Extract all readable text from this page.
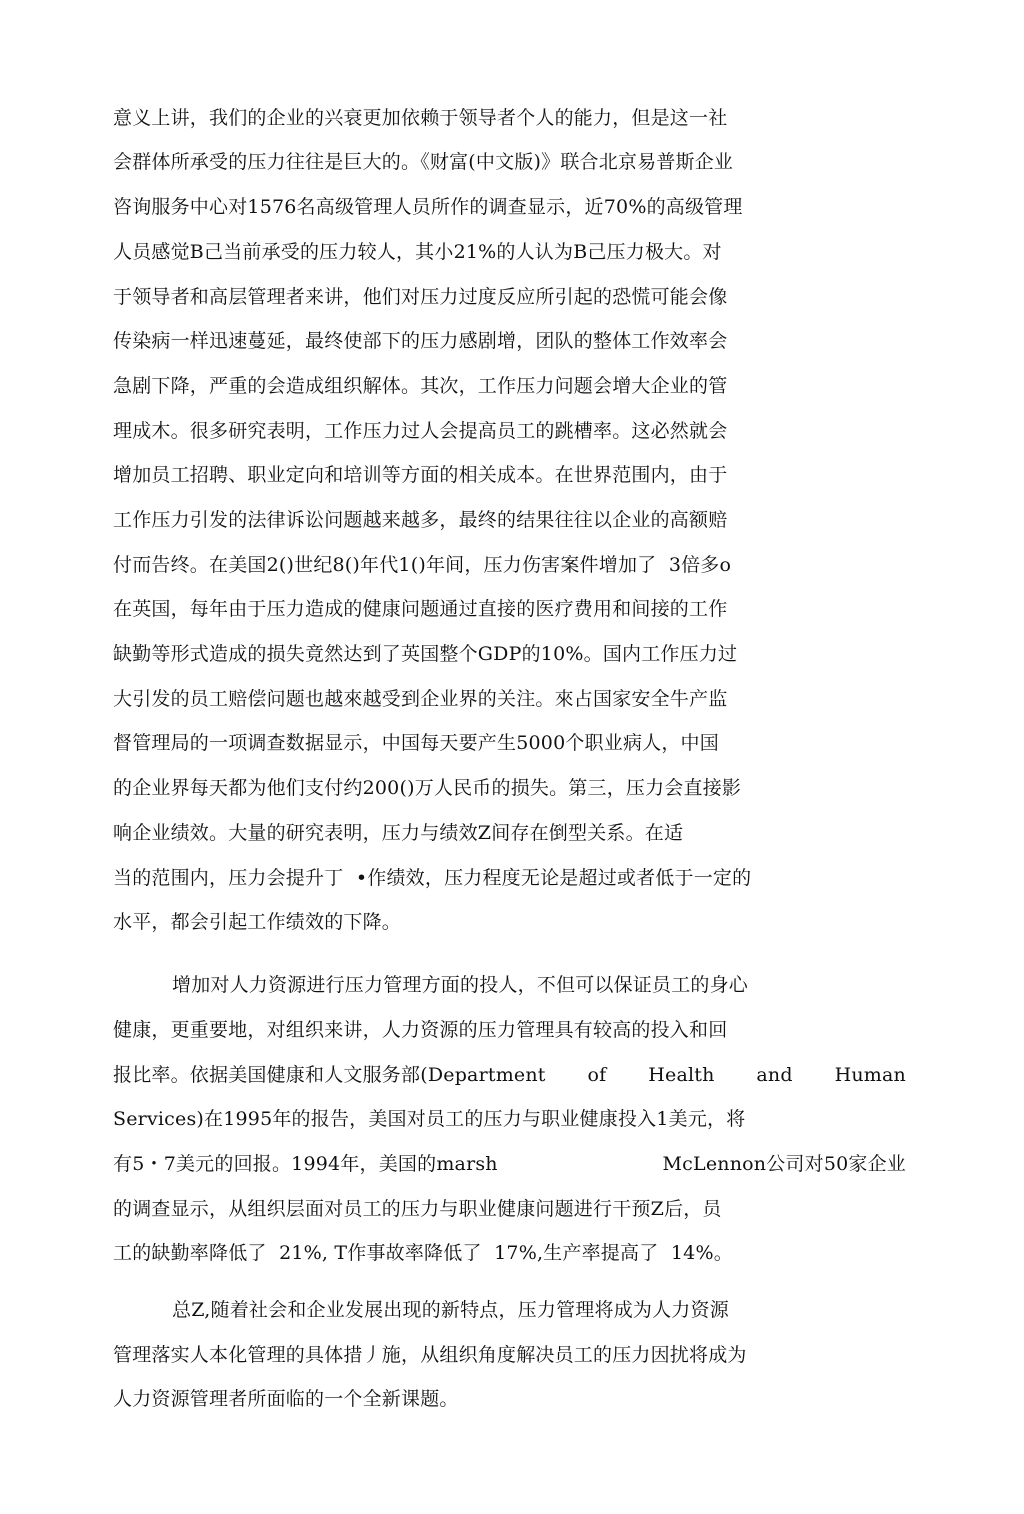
意义上讲，我们的企业的兴衰更加依赖于领导者个人的能力，但是这一社
会群体所承受的压力往往是巨大的。《财富(中文版)》联合北京易普斯企业
咨询服务中心对1576名高级管理人员所作的调查显示，近70%的高级管理
人员感觉B己当前承受的压力较人，其小21%的人认为B己压力极大。对
于领导者和高层管理者来讲，他们对压力过度反应所引起的恐慌可能会像
传染病一样迅速蔓延，最终使部下的压力感剧增，团队的整体工作效率会
急剧下降，严重的会造成组织解体。其次，工作压力问题会增大企业的管
理成木。很多研究表明，工作压力过人会提高员工的跳槽率。这必然就会
增加员工招聘、职业定向和培训等方面的相关成本。在世界范围内，由于
工作压力引发的法律诉讼问题越来越多，最终的结果往往以企业的高额赔
付而告终。在美国2()世纪8()年代1()年间，压力伤害案件增加了  3倍多o
在英国，每年由于压力造成的健康问题通过直接的医疗费用和间接的工作
缺勤等形式造成的损失竟然达到了英国整个GDP的10%。国内工作压力过
大引发的员工赔偿问题也越來越受到企业界的关注。來占国家安全牛产监
督管理局的一项调查数据显示，中国每天要产生5000个职业病人，中国
的企业界每天都为他们支付约200()万人民币的损失。第三，压力会直接影
响企业绩效。大量的研究表明，压力与绩效Z间存在倒型关系。在适
当的范围内，压力会提升丁  •作绩效，压力程度无论是超过或者低于一定的
水平，都会引起工作绩效的下降。
增加对人力资源进行压力管理方面的投人，不但可以保证员工的身心
健康，更重要地，对组织来讲，人力资源的压力管理具有较高的投入和回
报比率。依据美国健康和人文服务部(Department of Health and Human
Services)在1995年的报告，美国对员工的压力与职业健康投入1美元，将
有5・7美元的回报。1994年，美国的marsh	McLennon公司对50家企业
的调查显示，从组织层面对员工的压力与职业健康问题进行干预Z后，员
工的缺勤率降低了  21%, T作事故率降低了  17%,生产率提高了  14%。
总Z,随着社会和企业发展出现的新特点，压力管理将成为人力资源
管理落实人本化管理的具体措丿施，从组织角度解决员工的压力因扰将成为
人力资源管理者所面临的一个全新课题。
